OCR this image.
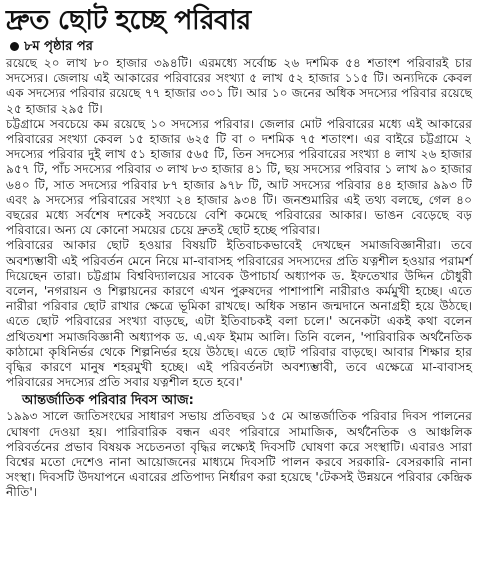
দ্রুত ছোট হচ্ছে পরিবার
৮ম পৃষ্ঠার পর

রয়েছে ২০ লাখ ৮০ হাজার ৩৯৪টি। এরমধ্যে সর্বোচ্চ ২৬ দশমিক ৫৪ শতাংশ পরিবারই চার সদস্যের। জেলায় এই আকারের পরিবারের সংখ্যা ৫ লাখ ৫২ হাজার ১১৫ টি। অন্যদিকে কেবল এক সদস্যের পরিবার রয়েছে ৭৭ হাজার ৩০১ টি। আর ১০ জনের অধিক সদস্যের পরিবার রয়েছে ২৫ হাজার ২৯৫ টি।

চট্টগ্রামে সবচেয়ে কম রয়েছে ১০ সদস্যের পরিবার। জেলার মোট পরিবারের মধ্যে এই আকারের পরিবারের সংখ্যা কেবল ১৫ হাজার ৬২৫ টি বা ০ দশমিক ৭৫ শতাংশ। এর বাইরে চট্টগ্রামে ২ সদস্যের পরিবার দুই লাখ ৫১ হাজার ৫৬৫ টি, তিন সদস্যের পরিবারের সংখ্যা ৪ লাখ ২৬ হাজার ৯৫৭ টি, পাঁচ সদস্যের পরিবার ৩ লাখ ৮৩ হাজার ৪১ টি, ছয় সদস্যের পরিবার ১ লাখ ৯০ হাজার ৬৪০ টি, সাত সদস্যের পরিবার ৮৭ হাজার ৯৭৮ টি, আট সদস্যের পরিবার ৪৪ হাজার ৯৯৩ টি এবং ৯ সদস্যের পরিবারের সংখ্যা ২৪ হাজার ৯৩৪ টি। জনশুমারির এই তথ্য বলছে, গেল ৪০ বছরের মধ্যে সর্বশেষ দশকেই সবচেয়ে বেশি কমেছে পরিবারের আকার। ভাঙন বেড়েছে বড় পরিবারে। অন্য যে কোনো সময়ের চেয়ে দ্রুতই ছোট হচ্ছে পরিবার।

পরিবারের আকার ছোট হওয়ার বিষয়টি ইতিবাচকভাবেই দেখছেন সমাজবিজ্ঞানীরা। তবে অবশ্যম্ভাবী এই পরিবর্তন মেনে নিয়ে মা-বাবাসহ পরিবারের সদস্যদের প্রতি যত্নশীল হওয়ার পরামর্শ দিয়েছেন তারা। চট্টগ্রাম বিশ্ববিদ্যালয়ের সাবেক উপাচার্য অধ্যাপক ড. ইফতেখার উদ্দিন চৌধুরী বলেন, 'নগরায়ন ও শিল্পায়নের কারণে এখন পুরুষদের পাশাপাশি নারীরাও কর্মমুখী হচ্ছে। এতে নারীরা পরিবার ছোট রাখার ক্ষেত্রে ভূমিকা রাখছে। অধিক সন্তান জন্মদানে অনাগ্রহী হয়ে উঠছে। এতে ছোট পরিবারের সংখ্যা বাড়ছে, এটা ইতিবাচকই বলা চলে।' অনেকটা একই কথা বলেন প্রথিতযশা সমাজবিজ্ঞানী অধ্যাপক ড. এ.এফ ইমাম আলি। তিনি বলেন, 'পারিবারিক অর্থনৈতিক কাঠামো কৃষিনির্ভর থেকে শিল্পনির্ভর হয়ে উঠছে। এতে ছোট পরিবার বাড়ছে। আবার শিক্ষার হার বৃদ্ধির কারণে মানুষ শহরমুখী হচ্ছে। এই পরিবর্তনটা অবশ্যম্ভাবী, তবে এক্ষেত্রে মা-বাবাসহ পরিবারের সদস্যের প্রতি সবার যত্নশীল হতে হবে।'

আন্তর্জাতিক পরিবার দিবস আজ:

১৯৯৩ সালে জাতিসংঘের সাধারণ সভায় প্রতিবছর ১৫ মে আন্তর্জাতিক পরিবার দিবস পালনের ঘোষণা দেওয়া হয়। পারিবারিক বন্ধন এবং পরিবারে সামাজিক, অর্থনৈতিক ও আঞ্চলিক পরিবর্তনের প্রভাব বিষয়ক সচেতনতা বৃদ্ধির লক্ষ্যেই দিবসটি ঘোষণা করে সংস্থাটি। এবারও সারা বিশ্বের মতো দেশেও নানা আয়োজনের মাধ্যমে দিবসটি পালন করবে সরকারি- বেসরকারি নানা সংস্থা। দিবসটি উদযাপনে এবারের প্রতিপাদ্য নির্ধারণ করা হয়েছে 'টেকসই উন্নয়নে পরিবার কেন্দ্রিক নীতি'।
